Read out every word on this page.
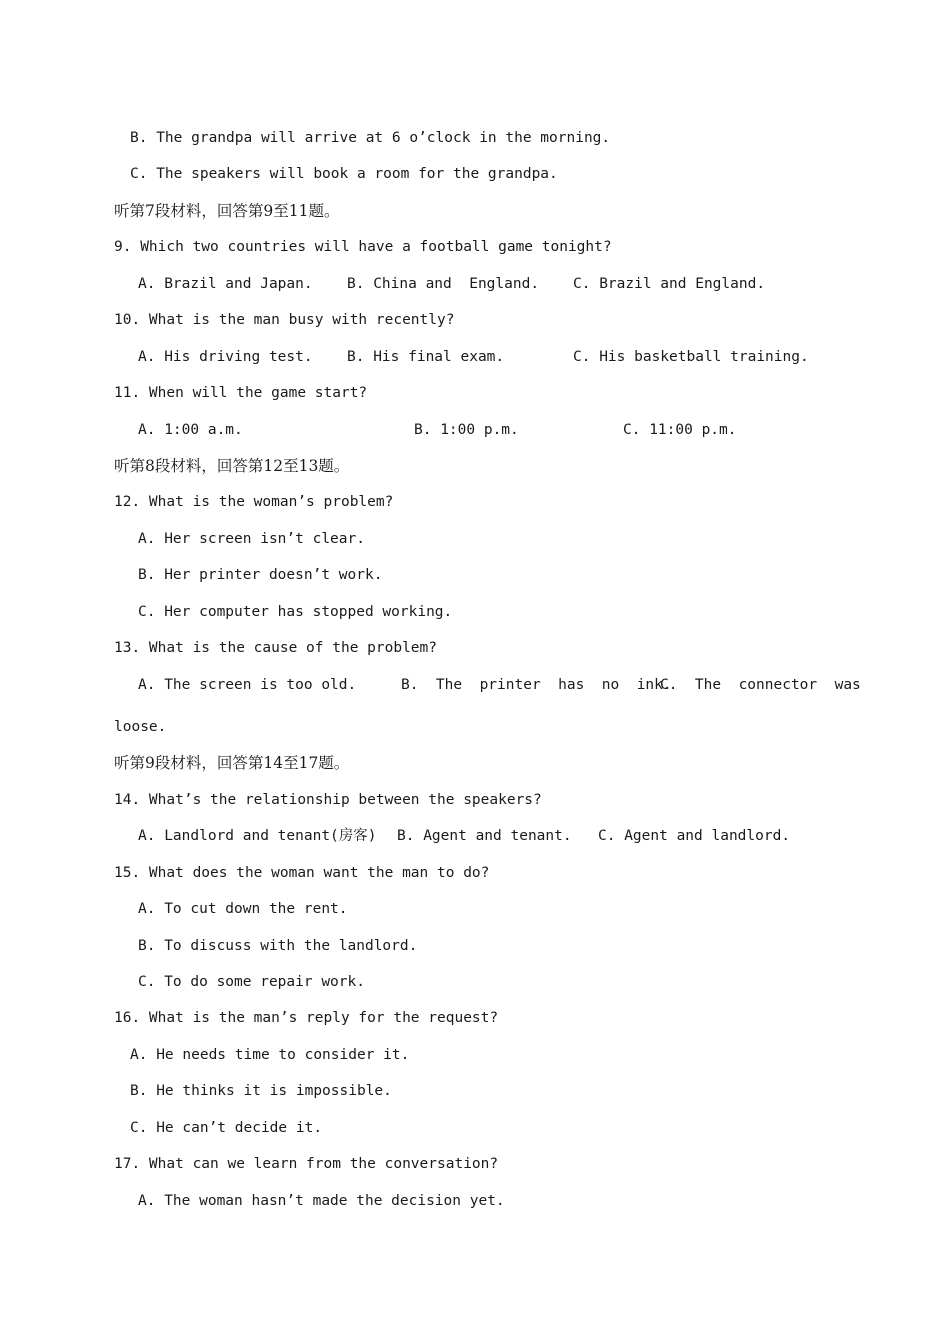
B. The grandpa will arrive at 6 o’clock in the morning.
C. The speakers will book a room for the grandpa.
听第7段材料，回答第9至11题。
9. Which two countries will have a football game tonight?
A. Brazil and Japan. B. China and  England. C. Brazil and England.
10. What is the man busy with recently?
A. His driving test. B. His final exam.	C. His basketball training.
11. When will the game start?
A. 1:00 a.m.	B. 1:00 p.m.	C. 11:00 p.m.
听第8段材料，回答第12至13题。
12. What is the woman’s problem?
A. Her screen isn’t clear.
B. Her printer doesn’t work.
C. Her computer has stopped working.
13. What is the cause of the problem?
A. The screen is too old.	B.  The  printer  has  no  ink.
C.  The  connector  was
loose.
听第9段材料，回答第14至17题。
14. What’s the relationship between the speakers?
A. Landlord and tenant(房客) B. Agent and tenant. C. Agent and landlord.
15. What does the woman want the man to do?
A. To cut down the rent.
B. To discuss with the landlord.
C. To do some repair work.
16. What is the man’s reply for the request?
A. He needs time to consider it.
B. He thinks it is impossible.
C. He can’t decide it.
17. What can we learn from the conversation?
A. The woman hasn’t made the decision yet.
